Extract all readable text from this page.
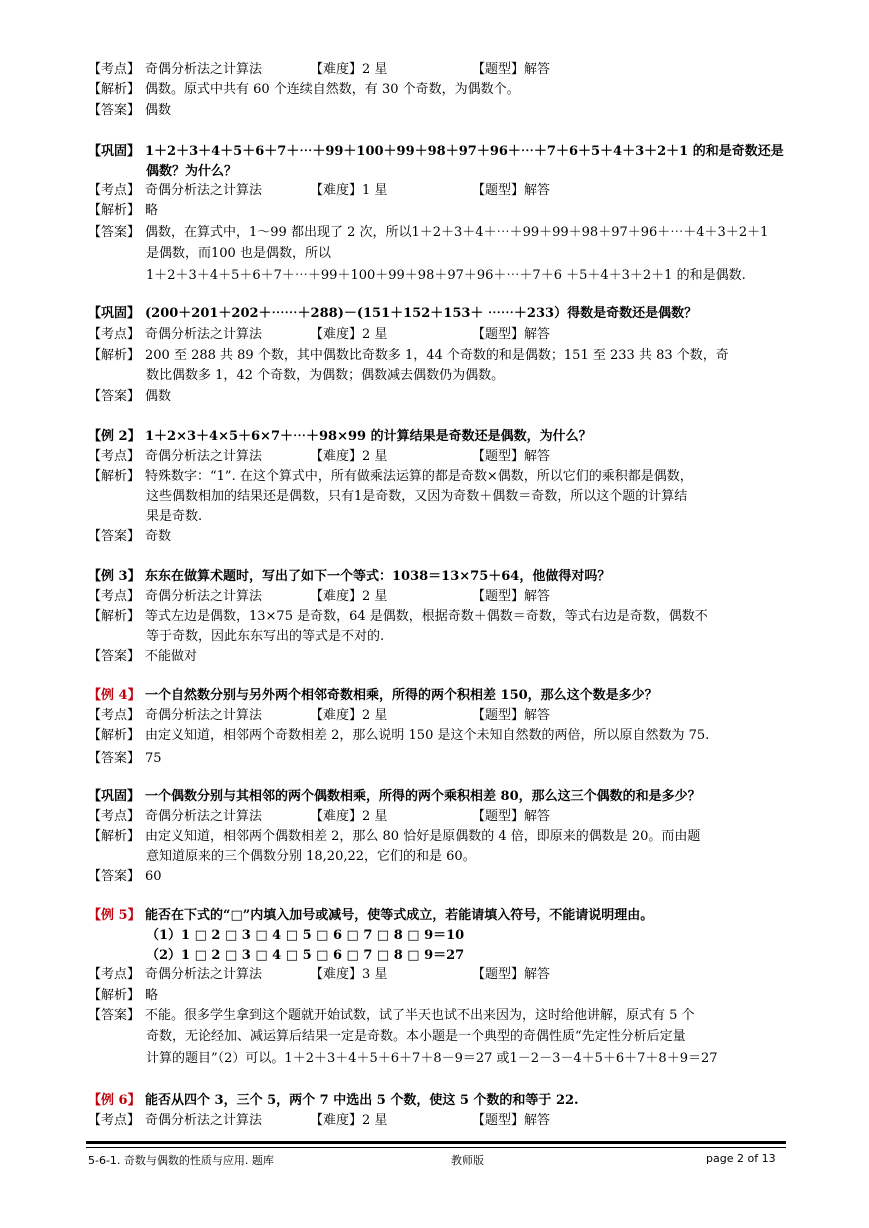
【考点】 奇偶分析法之计算法	【难度】2 星	【题型】解答
【解析】 偶数。原式中共有 60 个连续自然数，有 30 个奇数，为偶数个。
【答案】 偶数
【巩固】 1＋2＋3＋4＋5＋6＋7＋⋯＋99＋100＋99＋98＋97＋96＋⋯＋7＋6＋5＋4＋3＋2＋1 的和是奇数还是
偶数？为什么？
【考点】 奇偶分析法之计算法	【难度】1 星	【题型】解答
【解析】 略
【答案】 偶数，在算式中，1～99 都出现了 2 次，所以1＋2＋3＋4＋⋯＋99＋99＋98＋97＋96＋⋯＋4＋3＋2＋1
是偶数，而100 也是偶数，所以
1＋2＋3＋4＋5＋6＋7＋⋯＋99＋100＋99＋98＋97＋96＋⋯＋7＋6 ＋5＋4＋3＋2＋1 的和是偶数.
【巩固】 (200＋201＋202＋⋯⋯＋288)－(151＋152＋153＋ ⋯⋯＋233）得数是奇数还是偶数？
【考点】 奇偶分析法之计算法	【难度】2 星	【题型】解答
【解析】 200 至 288 共 89 个数，其中偶数比奇数多 1，44 个奇数的和是偶数；151 至 233 共 83 个数，奇
数比偶数多 1，42 个奇数，为偶数；偶数减去偶数仍为偶数。
【答案】 偶数
【例 2】 1＋2×3＋4×5＋6×7＋⋯＋98×99 的计算结果是奇数还是偶数，为什么？
【考点】 奇偶分析法之计算法	【难度】2 星	【题型】解答
【解析】 特殊数字：“1”. 在这个算式中，所有做乘法运算的都是奇数×偶数，所以它们的乘积都是偶数，
这些偶数相加的结果还是偶数，只有1是奇数，又因为奇数＋偶数＝奇数，所以这个题的计算结
果是奇数.
【答案】 奇数
【例 3】 东东在做算术题时，写出了如下一个等式：1038＝13×75＋64，他做得对吗？
【考点】 奇偶分析法之计算法	【难度】2 星	【题型】解答
【解析】 等式左边是偶数，13×75 是奇数，64 是偶数，根据奇数＋偶数＝奇数，等式右边是奇数，偶数不
等于奇数，因此东东写出的等式是不对的.
【答案】 不能做对
【例 4】 一个自然数分别与另外两个相邻奇数相乘，所得的两个积相差 150，那么这个数是多少？
【考点】 奇偶分析法之计算法	【难度】2 星	【题型】解答
【解析】 由定义知道，相邻两个奇数相差 2，那么说明 150 是这个未知自然数的两倍，所以原自然数为 75.
【答案】 75
【巩固】 一个偶数分别与其相邻的两个偶数相乘，所得的两个乘积相差 80，那么这三个偶数的和是多少？
【考点】 奇偶分析法之计算法	【难度】2 星	【题型】解答
【解析】 由定义知道，相邻两个偶数相差 2，那么 80 恰好是原偶数的 4 倍，即原来的偶数是 20。而由题
意知道原来的三个偶数分别 18,20,22，它们的和是 60。
【答案】 60
【例 5】 能否在下式的“□”内填入加号或减号，使等式成立，若能请填入符号，不能请说明理由。
（1）1 □ 2 □ 3 □ 4 □ 5 □ 6 □ 7 □ 8 □ 9＝10
（2）1 □ 2 □ 3 □ 4 □ 5 □ 6 □ 7 □ 8 □ 9＝27
【考点】 奇偶分析法之计算法	【难度】3 星	【题型】解答
【解析】 略
【答案】 不能。很多学生拿到这个题就开始试数，试了半天也试不出来因为，这时给他讲解，原式有 5 个
奇数，无论经加、减运算后结果一定是奇数。本小题是一个典型的奇偶性质“先定性分析后定量
计算的题目”（2）可以。1＋2＋3＋4＋5＋6＋7＋8－9＝27 或1－2－3－4＋5＋6＋7＋8＋9＝27
【例 6】 能否从四个 3，三个 5，两个 7 中选出 5 个数，使这 5 个数的和等于 22.
【考点】 奇偶分析法之计算法	【难度】2 星	【题型】解答
5-6-1. 奇数与偶数的性质与应用. 题库	教师版	page 2 of 13
